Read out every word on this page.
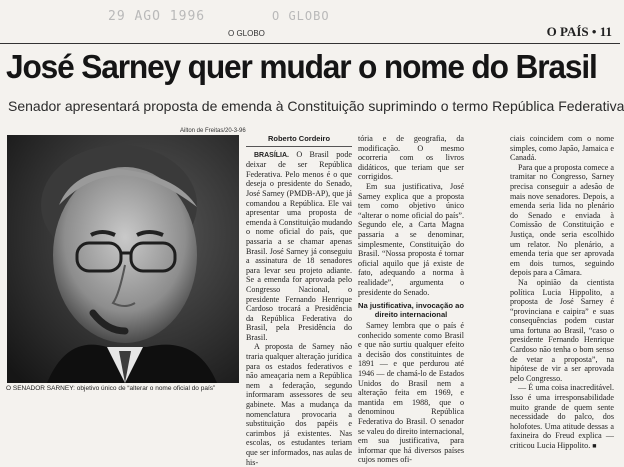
29 AGO 1996	O GLOBO
O GLOBO	O PAÍS • 11
José Sarney quer mudar o nome do Brasil
Senador apresentará proposta de emenda à Constituição suprimindo o termo República Federativa
Ailton de Freitas/20-3-96
O SENADOR SARNEY: objetivo único de “alterar o nome oficial do país”
Roberto Cordeiro

BRASÍLIA. O Brasil pode deixar de ser República Federativa. Pelo menos é o que deseja o presidente do Senado, José Sarney (PMDB-AP), que já comandou a República. Ele vai apresentar uma proposta de emenda à Constituição mudando o nome oficial do país, que passaria a se chamar apenas Brasil. José Sarney já conseguiu a assinatura de 18 senadores para levar seu projeto adiante. Se a emenda for aprovada pelo Congresso Nacional, o presidente Fernando Henrique Cardoso trocará a Presidência da República Federativa do Brasil, pela Presidência do Brasil.

A proposta de Sarney não traria qualquer alteração jurídica para os estados federativos e não ameaçaria nem a República nem a federação, segundo informaram assessores de seu gabinete. Mas a mudança da nomenclatura provocaria a substituição dos papéis e carimbos já existentes. Nas escolas, os estudantes teriam que ser informados, nas aulas de his-

tória e de geografia, da modificação. O mesmo ocorreria com os livros didáticos, que teriam que ser corrigidos.

Em sua justificativa, José Sarney explica que a proposta tem como objetivo único “alterar o nome oficial do país”. Segundo ele, a Carta Magna passaria a se denominar, simplesmente, Constituição do Brasil. “Nossa proposta é tornar oficial aquilo que já existe de fato, adequando a norma à realidade”, argumenta o presidente do Senado.

Na justificativa, invocação ao direito internacional

Sarney lembra que o país é conhecido somente como Brasil e que não surtiu qualquer efeito a decisão dos constituintes de 1891 — e que perdurou até 1946 — de chamá-lo de Estados Unidos do Brasil nem a alteração feita em 1969, e mantida em 1988, que o denominou República Federativa do Brasil. O senador se valeu do direito internacional, em sua justificativa, para informar que há diversos países cujos nomes ofi-

ciais coincidem com o nome simples, como Japão, Jamaica e Canadá.

Para que a proposta comece a tramitar no Congresso, Sarney precisa conseguir a adesão de mais nove senadores. Depois, a emenda seria lida no plenário do Senado e enviada à Comissão de Constituição e Justiça, onde seria escolhido um relator. No plenário, a emenda teria que ser aprovada em dois turnos, seguindo depois para a Câmara.

Na opinião da cientista política Lucia Hippolito, a proposta de José Sarney é “provinciana e caipira” e suas consequências podem custar uma fortuna ao Brasil, “caso o presidente Fernando Henrique Cardoso não tenha o bom senso de vetar a proposta”, na hipótese de vir a ser aprovada pelo Congresso.

— É uma coisa inacreditável. Isso é uma irresponsabilidade muito grande de quem sente necessidade do palco, dos holofotes. Uma atitude dessas a faxineira do Freud explica — criticou Lucia Hippolito. ■
